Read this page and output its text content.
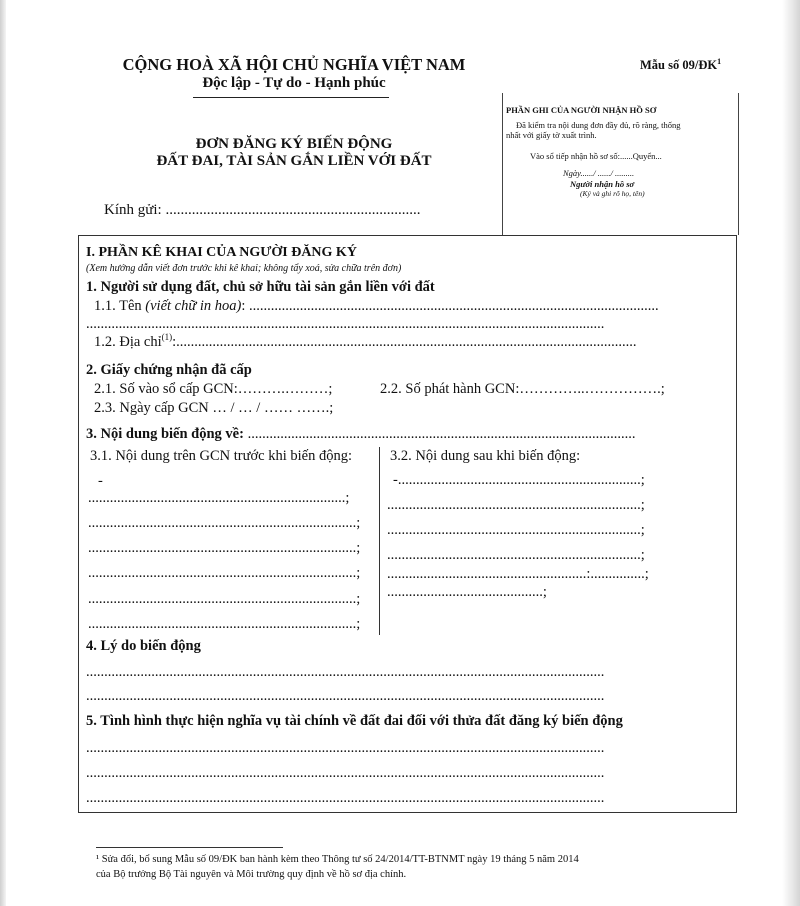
CỘNG HOÀ XÃ HỘI CHỦ NGHĨA VIỆT NAM
Độc lập - Tự do - Hạnh phúc
Mẫu số $09/ĐK^1$
ĐƠN ĐĂNG KÝ BIẾN ĐỘNG
ĐẤT ĐAI, TÀI SẢN GẮN LIỀN VỚI ĐẤT
Kính gửi: ....................................................................
PHẦN GHI CỦA NGƯỜI NHẬN HỒ SƠ
Đã kiểm tra nội dung đơn đầy đủ, rõ ràng, thống
nhất với giấy tờ xuất trình.
Vào sổ tiếp nhận hồ sơ số:......Quyển...
Ngày....../ ....../ .........
Người nhận hồ sơ
(Ký và ghi rõ họ, tên)
I. PHẦN KÊ KHAI CỦA NGƯỜI ĐĂNG KÝ
(Xem hướng dẫn viết đơn trước khi kê khai; không tẩy xoá, sửa chữa trên đơn)
1. Người sử dụng đất, chủ sở hữu tài sản gắn liền với đất
1.1. Tên (viết chữ in hoa): .................................................................................................................
...............................................................................................................................................
1.2. Địa chỉ$^{(1)}$:...............................................................................................................................
2. Giấy chứng nhận đã cấp
2.1. Số vào sổ cấp GCN:……….………;	2.2. Số phát hành GCN:…………..…………….;
2.3. Ngày cấp GCN … / … / …… …….;
3. Nội dung biến động về: ...........................................................................................................
3.1. Nội dung trên GCN trước khi biến động:	3.2. Nội dung sau khi biến động:
-
.......................................................................;
..........................................................................;
..........................................................................;
..........................................................................;
..........................................................................;
..........................................................................;
-...................................................................;
......................................................................;
......................................................................;
......................................................................;
.......................................................:...............;
...........................................;
4. Lý do biến động
...............................................................................................................................................
...............................................................................................................................................
5. Tình hình thực hiện nghĩa vụ tài chính về đất đai đối với thửa đất đăng ký biến động
...............................................................................................................................................
...............................................................................................................................................
...............................................................................................................................................
¹ Sửa đổi, bổ sung Mẫu số 09/ĐK ban hành kèm theo Thông tư số 24/2014/TT-BTNMT ngày 19 tháng 5 năm 2014
của Bộ trưởng Bộ Tài nguyên và Môi trường quy định về hồ sơ địa chính.
